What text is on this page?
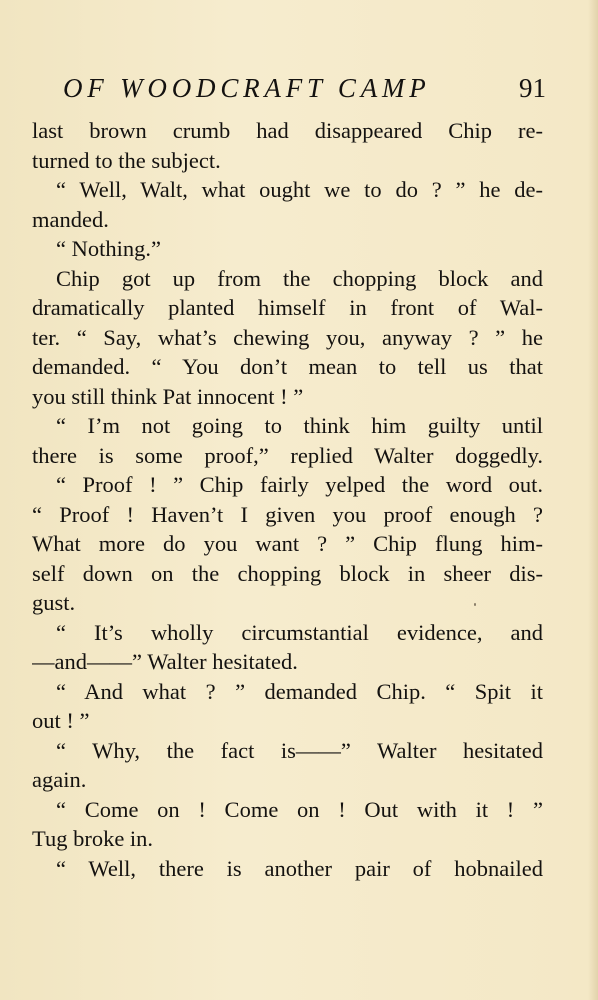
OF WOODCRAFT CAMP	91
last brown crumb had disappeared Chip re-
turned to the subject.
“ Well, Walt, what ought we to do ? ” he de-
manded.
“ Nothing.”
Chip got up from the chopping block and
dramatically planted himself in front of Wal-
ter. “ Say, what’s chewing you, anyway ? ” he
demanded. “ You don’t mean to tell us that
you still think Pat innocent ! ”
“ I’m not going to think him guilty until
there is some proof,” replied Walter doggedly.
“ Proof ! ” Chip fairly yelped the word out.
“ Proof ! Haven’t I given you proof enough ?
What more do you want ? ” Chip flung him-
self down on the chopping block in sheer dis-
gust.
“ It’s wholly circumstantial evidence, and
—and——” Walter hesitated.
“ And what ? ” demanded Chip. “ Spit it
out ! ”
“ Why, the fact is——” Walter hesitated
again.
“ Come on ! Come on ! Out with it ! ”
Tug broke in.
“ Well, there is another pair of hobnailed
